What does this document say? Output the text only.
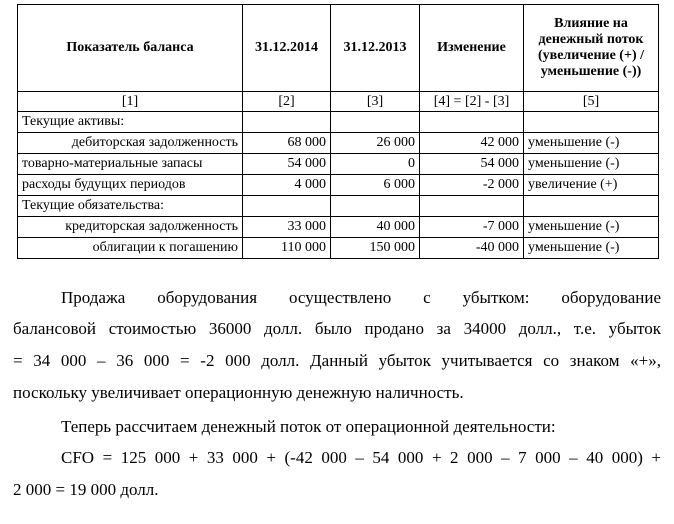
Показатель баланса	31.12.2014	31.12.2013	Изменение	Влияние на денежный поток (увеличение (+) / уменьшение (-))
[1]	[2]	[3]	[4] = [2] - [3]	[5]
Текущие активы:				
дебиторская задолженность	68 000	26 000	42 000	уменьшение (-)
товарно-материальные запасы	54 000	0	54 000	уменьшение (-)
расходы будущих периодов	4 000	6 000	-2 000	увеличение (+)
Текущие обязательства:				
кредиторская задолженность	33 000	40 000	-7 000	уменьшение (-)
облигации к погашению	110 000	150 000	-40 000	уменьшение (-)

Продажа оборудования осуществлено с убытком: оборудование

балансовой стоимостью 36000 долл. было продано за 34000 долл., т.е. убыток

= 34 000 – 36 000 = -2 000 долл. Данный убыток учитывается со знаком «+»,

поскольку увеличивает операционную денежную наличность.

Теперь рассчитаем денежный поток от операционной деятельности:

CFO = 125 000 + 33 000 + (-42 000 – 54 000 + 2 000 – 7 000 – 40 000) +

2 000 = 19 000 долл.
